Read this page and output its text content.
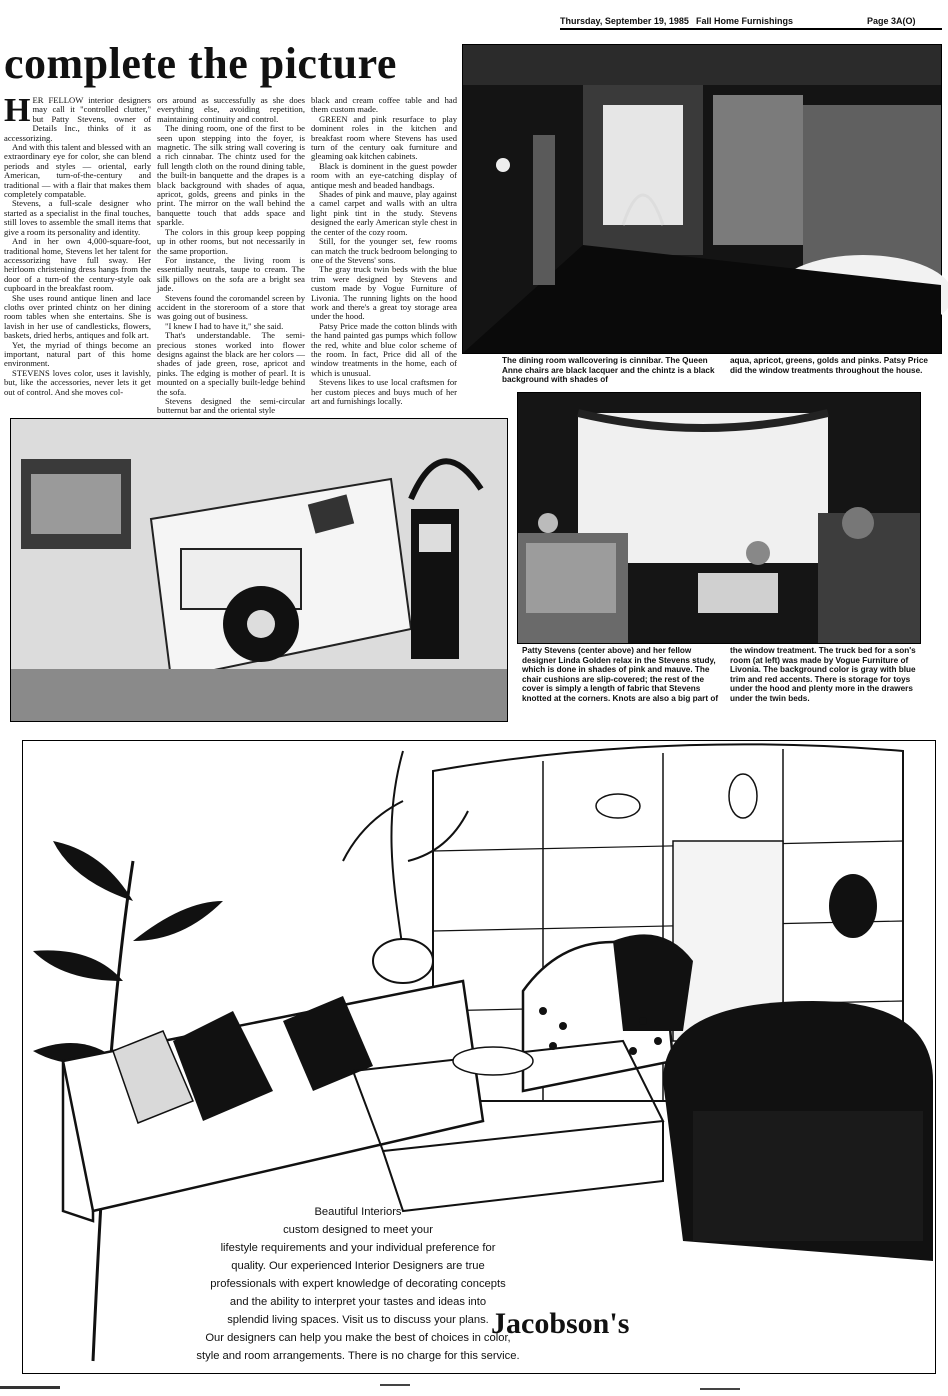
Thursday, September 19, 1985 Fall Home Furnishings	Page 3A(O)
complete the picture
H ER FELLOW interior designers may call it "controlled clutter," but Patty Stevens, owner of Details Inc., thinks of it as accessorizing.

And with this talent and blessed with an extraordinary eye for color, she can blend periods and styles — oriental, early American, turn-of-the-century and traditional — with a flair that makes them completely compatable.

Stevens, a full-scale designer who started as a specialist in the final touches, still loves to assemble the small items that give a room its personality and identity.

And in her own 4,000-square-foot, traditional home, Stevens let her talent for accessorizing have full sway. Her heirloom christening dress hangs from the door of a turn-of the century-style oak cupboard in the breakfast room.

She uses round antique linen and lace cloths over printed chintz on her dining room tables when she entertains. She is lavish in her use of candlesticks, flowers, baskets, dried herbs, antiques and folk art.

Yet, the myriad of things become an important, natural part of this home environment.

STEVENS loves color, uses it lavishly, but, like the accessories, never lets it get out of control. And she moves col-

ors around as successfully as she does everything else, avoiding repetition, maintaining continuity and control.

The dining room, one of the first to be seen upon stepping into the foyer, is magnetic. The silk string wall covering is a rich cinnabar. The chintz used for the full length cloth on the round dining table, the built-in banquette and the drapes is a black background with shades of aqua, apricot, golds, greens and pinks in the print. The mirror on the wall behind the banquette touch that adds space and sparkle.

The colors in this group keep popping up in other rooms, but not necessarily in the same proportion.

For instance, the living room is essentially neutrals, taupe to cream. The silk pillows on the sofa are a bright sea jade.

Stevens found the coromandel screen by accident in the storeroom of a store that was going out of business.

"I knew I had to have it," she said.

That's understandable. The semi-precious stones worked into flower designs against the black are her colors — shades of jade green, rose, apricot and pinks. The edging is mother of pearl. It is mounted on a specially built-ledge behind the sofa.

Stevens designed the semi-circular butternut bar and the oriental style

black and cream coffee table and had them custom made.

GREEN and pink resurface to play dominent roles in the kitchen and breakfast room where Stevens has used turn of the century oak furniture and gleaming oak kitchen cabinets.

Black is dominent in the guest powder room with an eye-catching display of antique mesh and beaded handbags.

Shades of pink and mauve, play against a camel carpet and walls with an ultra light pink tint in the study. Stevens designed the early American style chest in the center of the cozy room.

Still, for the younger set, few rooms can match the truck bedroom belonging to one of the Stevens' sons.

The gray truck twin beds with the blue trim were designed by Stevens and custom made by Vogue Furniture of Livonia. The running lights on the hood work and there's a great toy storage area under the hood.

Patsy Price made the cotton blinds with the hand painted gas pumps which follow the red, white and blue color scheme of the room. In fact, Price did all of the window treatments in the home, each of which is unusual.

Stevens likes to use local craftsmen for her custom pieces and buys much of her art and furnishings locally.

The dining room wallcovering is cinnibar. The Queen Anne chairs are black lacquer and the chintz is a black background with shades of
aqua, apricot, greens, golds and pinks. Patsy Price did the window treatments throughout the house.
Patty Stevens (center above) and her fellow designer Linda Golden relax in the Stevens study, which is done in shades of pink and mauve. The chair cushions are slip-covered; the rest of the cover is simply a length of fabric that Stevens knotted at the corners. Knots are also a big part of
the window treatment. The truck bed for a son's room (at left) was made by Vogue Furniture of Livonia. The background color is gray with blue trim and red accents. There is storage for toys under the hood and plenty more in the drawers under the twin beds.
Beautiful Interiors
custom designed to meet your
lifestyle requirements and your individual preference for
quality. Our experienced Interior Designers are true
professionals with expert knowledge of decorating concepts
and the ability to interpret your tastes and ideas into
splendid living spaces. Visit us to discuss your plans.
Our designers can help you make the best of choices in color,
style and room arrangements. There is no charge for this service.
Jacobson's
